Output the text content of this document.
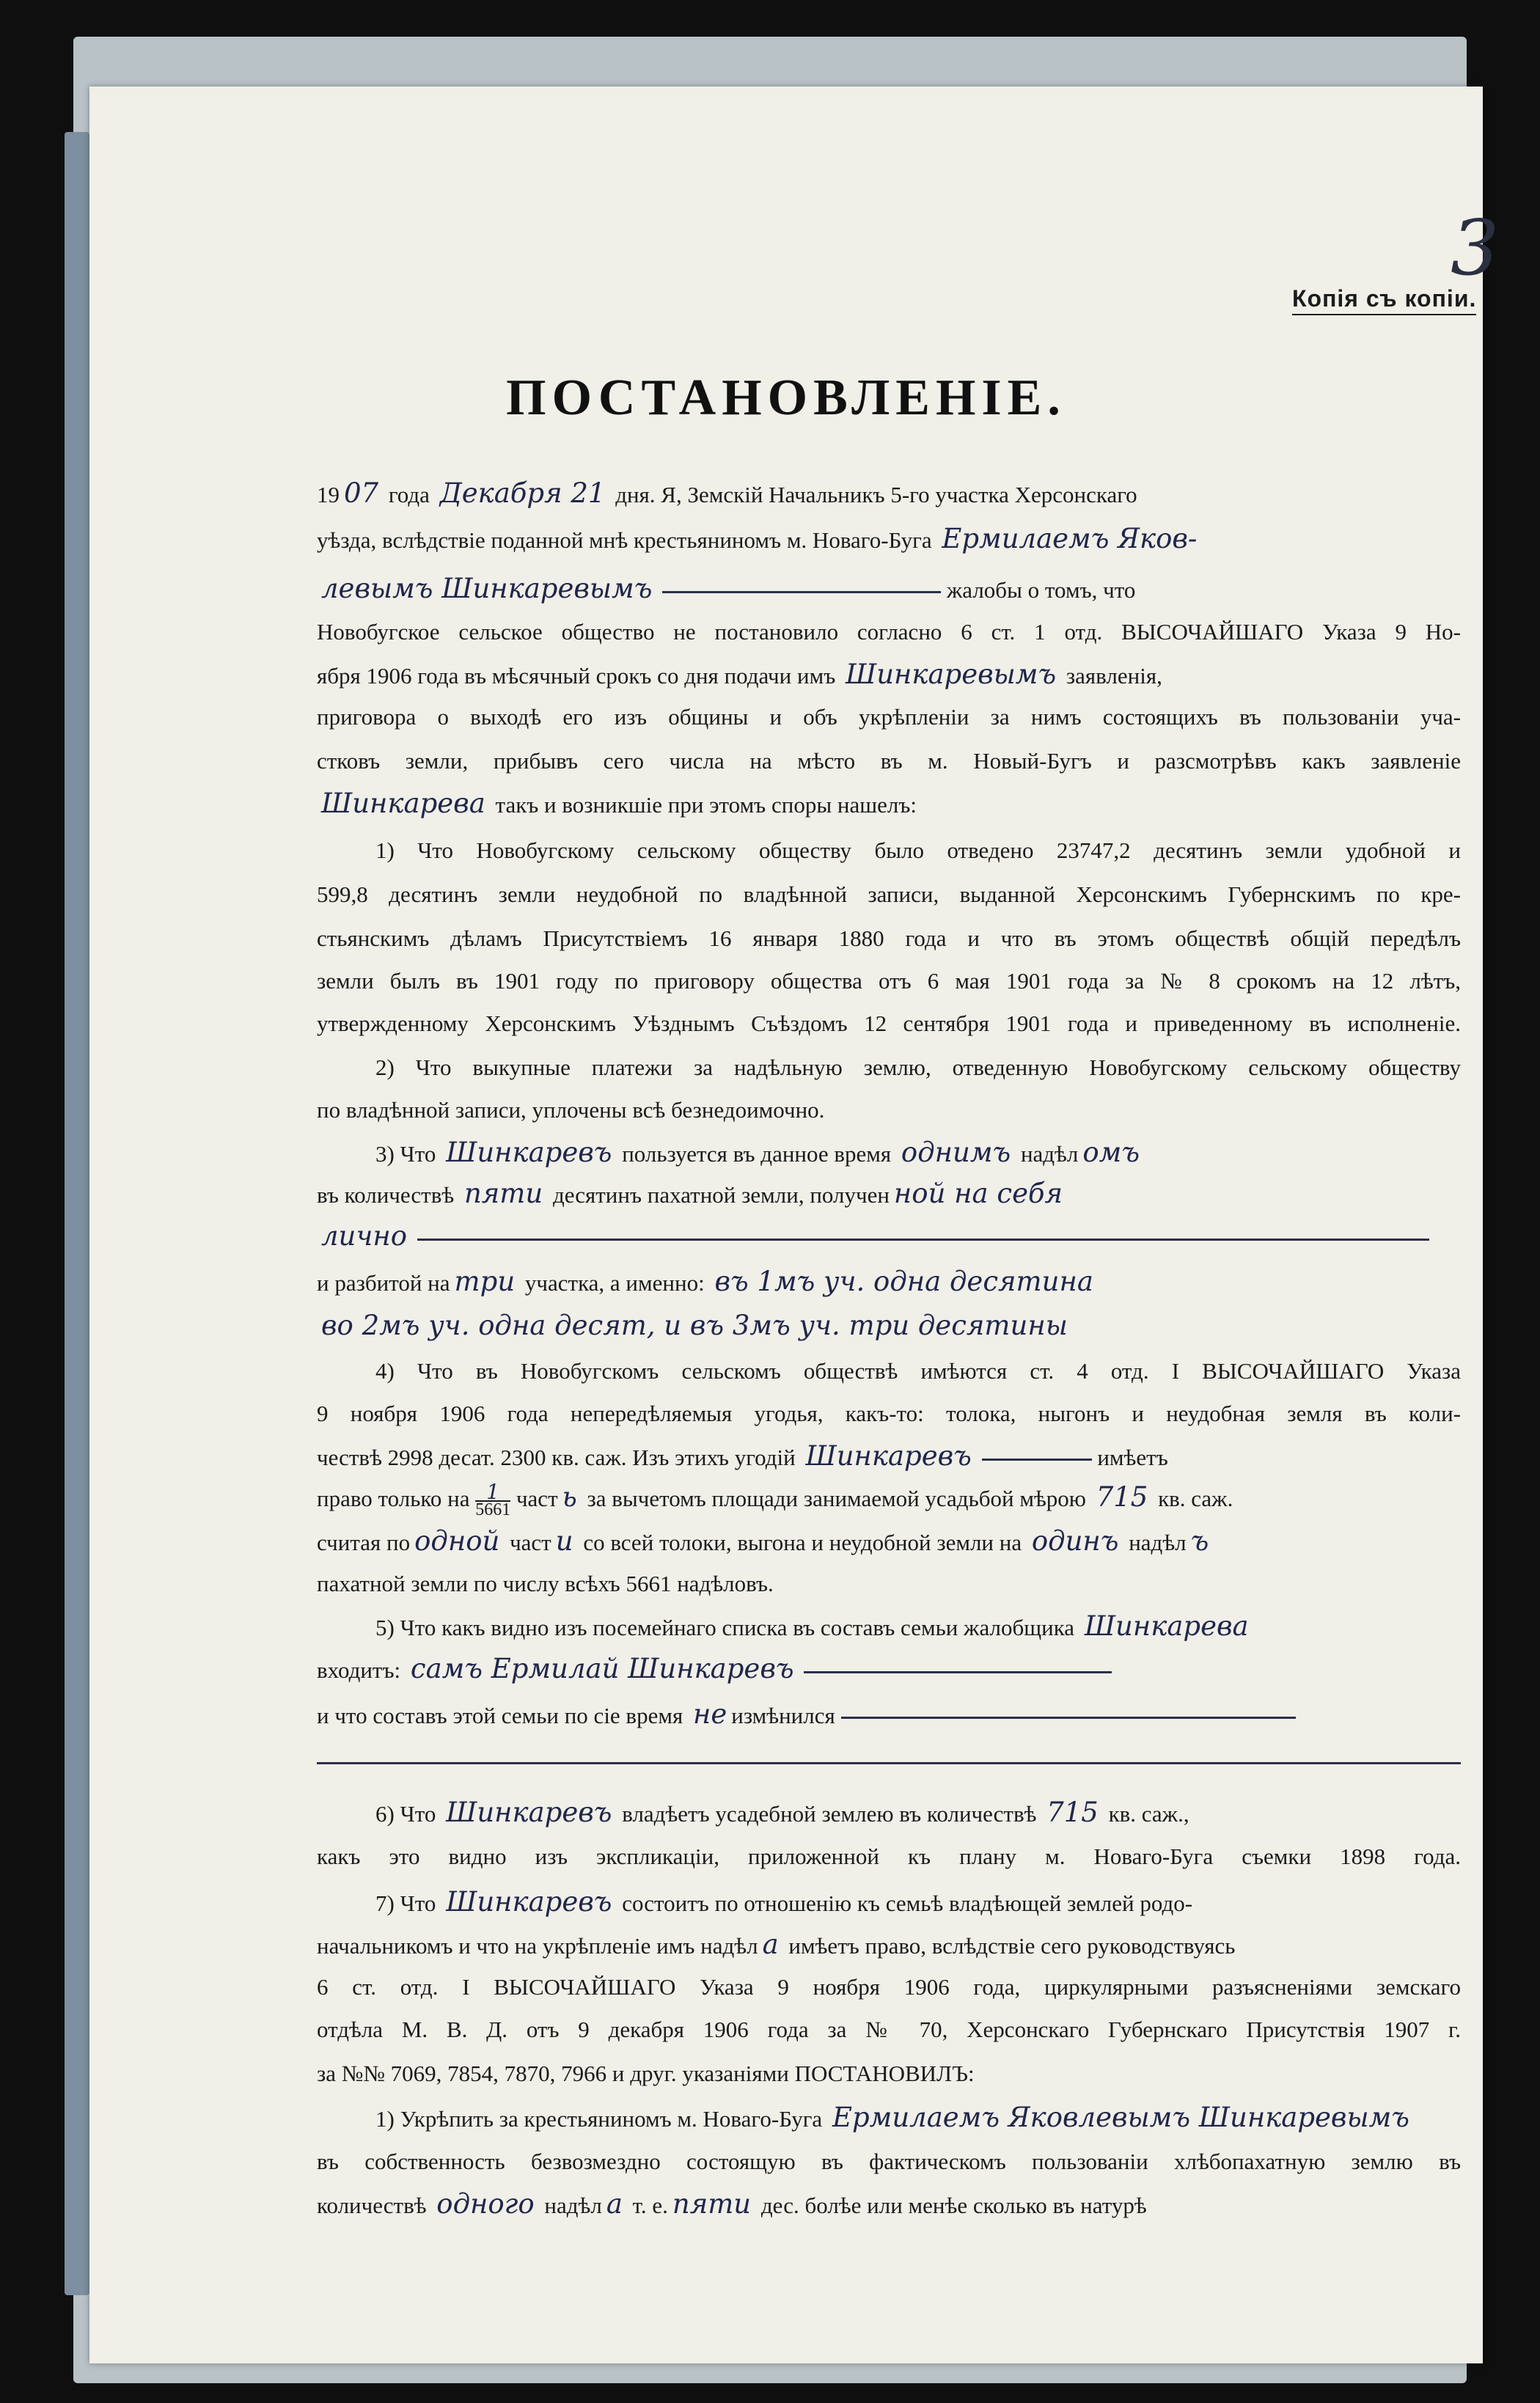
3
Копія съ копіи.
ПОСТАНОВЛЕНІЕ.
19 07 года Декабря 21 дня. Я, Земскій Начальникъ 5-го участка Херсонскаго
уѣзда, вслѣдствіе поданной мнѣ крестьяниномъ м. Новаго-Буга Ермилаемъ Яков-
левымъ Шинкаревымъ	жалобы о томъ, что
Новобугское сельское общество не постановило согласно 6 ст. 1 отд. ВЫСОЧАЙШАГО Указа 9 Но-
ября 1906 года въ мѣсячный срокъ со дня подачи имъ Шинкаревымъ заявленія,
приговора о выходѣ его изъ общины и объ укрѣпленіи за нимъ состоящихъ въ пользованіи уча-
стковъ земли, прибывъ сего числа на мѣсто въ м. Новый-Бугъ и разсмотрѣвъ какъ заявленіе
Шинкарева такъ и возникшіе при этомъ споры нашелъ:
1) Что Новобугскому сельскому обществу было отведено 23747,2 десятинъ земли удобной и
599,8 десятинъ земли неудобной по владѣнной записи, выданной Херсонскимъ Губернскимъ по кре-
стьянскимъ дѣламъ Присутствіемъ 16 января 1880 года и что въ этомъ обществѣ общій передѣлъ
земли былъ въ 1901 году по приговору общества отъ 6 мая 1901 года за № 8 срокомъ на 12 лѣтъ,
утвержденному Херсонскимъ Уѣзднымъ Съѣздомъ 12 сентября 1901 года и приведенному въ исполненіе.
2) Что выкупные платежи за надѣльную землю, отведенную Новобугскому сельскому обществу
по владѣнной записи, уплочены всѣ безнедоимочно.
3) Что Шинкаревъ пользуется въ данное время однимъ надѣл омъ
въ количествѣ пяти десятинъ пахатной земли, получен ной на себя
лично
и разбитой на три участка, а именно: въ 1мъ уч. одна десятина
во 2мъ уч. одна десят, и въ 3мъ уч. три десятины
4) Что въ Новобугскомъ сельскомъ обществѣ имѣются ст. 4 отд. I ВЫСОЧАЙШАГО Указа
9 ноября 1906 года непередѣляемыя угодья, какъ-то: толока, ныгонъ и неудобная земля въ коли-
чествѣ 2998 десат. 2300 кв. саж. Изъ этихъ угодій Шинкаревъ	имѣетъ
право только на $\frac{1}{5661}$ част ь за вычетомъ площади занимаемой усадьбой мѣрою 715 кв. саж.
считая по одной част и со всей толоки, выгона и неудобной земли на одинъ надѣл ъ
пахатной земли по числу всѣхъ 5661 надѣловъ.
5) Что какъ видно изъ посемейнаго списка въ составъ семьи жалобщика Шинкарева
входитъ: самъ Ермилай Шинкаревъ
и что составъ этой семьи по сіе время не измѣнился
6) Что Шинкаревъ владѣетъ усадебной землею въ количествѣ 715 кв. саж.,
какъ это видно изъ экспликаціи, приложенной къ плану м. Новаго-Буга съемки 1898 года.
7) Что Шинкаревъ состоитъ по отношенію къ семьѣ владѣющей землей родо-
начальникомъ и что на укрѣпленіе имъ надѣл а имѣетъ право, вслѣдствіе сего руководствуясь
6 ст. отд. I ВЫСОЧАЙШАГО Указа 9 ноября 1906 года, циркулярными разъясненіями земскаго
отдѣла М. В. Д. отъ 9 декабря 1906 года за № 70, Херсонскаго Губернскаго Присутствія 1907 г.
за №№ 7069, 7854, 7870, 7966 и друг. указаніями ПОСТАНОВИЛЪ:
1) Укрѣпить за крестьяниномъ м. Новаго-Буга Ермилаемъ Яковлевымъ Шинкаревымъ
въ собственность безвозмездно состоящую въ фактическомъ пользованіи хлѣбопахатную землю въ
количествѣ одного надѣл а т. е. пяти дес. болѣе или менѣе сколько въ натурѣ
